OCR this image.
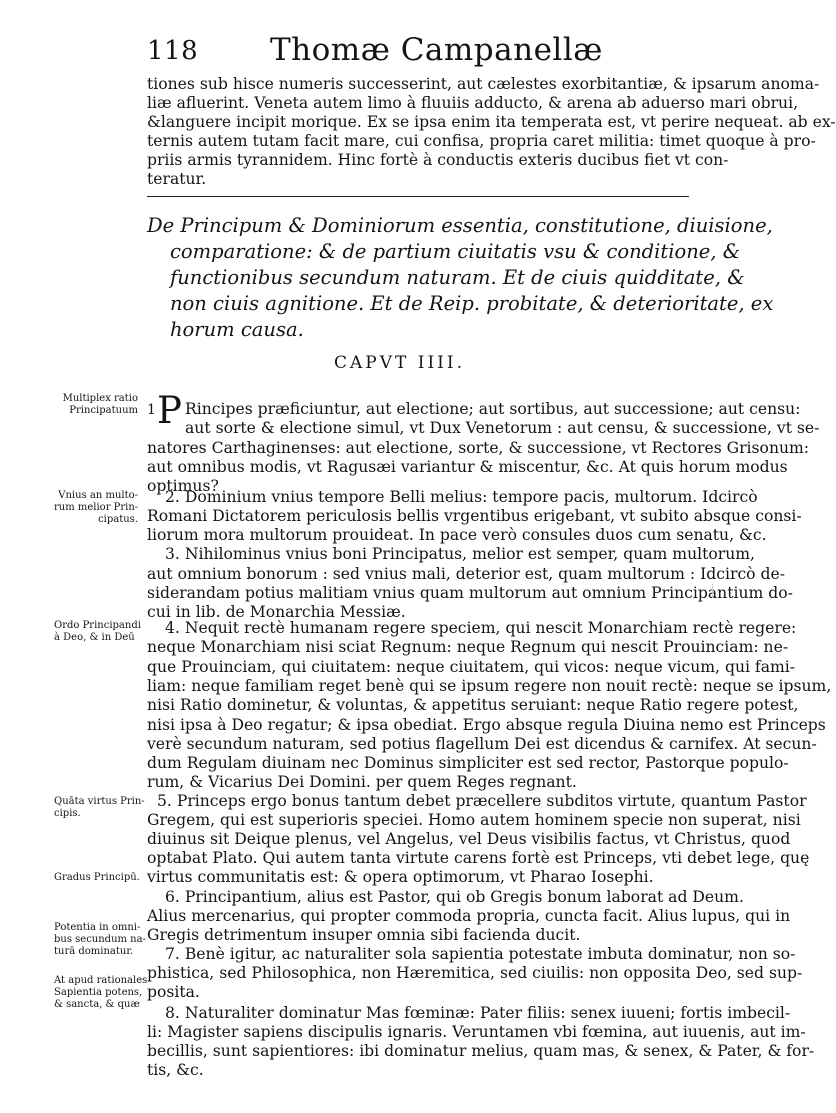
118 Thomæ Campanellæ
tiones sub hisce numeris successerint, aut cælestes exorbitantiæ, & ipsarum anoma-
liæ afluerint. Veneta autem limo à fluuiis adducto, & arena ab aduerso mari obrui,
&languere incipit morique. Ex se ipsa enim ita temperata est, vt perire nequeat. ab ex-
ternis autem tutam facit mare, cui confisa, propria caret militia: timet quoque à pro-
priis armis tyrannidem. Hinc fortè à conductis exteris ducibus fiet vt con-
teratur.
De Principum & Dominiorum essentia, constitutione, diuisione,
comparatione: & de partium ciuitatis vsu & conditione, &
functionibus secundum naturam. Et de ciuis quidditate, &
non ciuis agnitione. Et de Reip. probitate, & deterioritate, ex
horum causa.
CAPVT IIII.
Multiplex ratio
Principatuum
Vnius an multo-
rum melior Prin-
cipatus.
Ordo Principandi
à Deo, & in Deū
Quāta virtus Prin-
cipis.
Gradus Principū.
Potentia in omni-
bus secundum na-
turā dominatur.
At apud rationales
Sapientia potens,
& sancta, & quæ
1 P Rincipes præficiuntur, aut electione; aut sortibus, aut successione; aut censu:
aut sorte & electione simul, vt Dux Venetorum : aut censu, & successione, vt se-
natores Carthaginenses: aut electione, sorte, & successione, vt Rectores Grisonum:
aut omnibus modis, vt Ragusæi variantur & miscentur, &c. At quis horum modus
optimus?
2. Dominium vnius tempore Belli melius: tempore pacis, multorum. Idcircò
Romani Dictatorem periculosis bellis vrgentibus erigebant, vt subito absque consi-
liorum mora multorum prouideat. In pace verò consules duos cum senatu, &c.
3. Nihilominus vnius boni Principatus, melior est semper, quam multorum,
aut omnium bonorum : sed vnius mali, deterior est, quam multorum : Idcircò de-
siderandam potius malitiam vnius quam multorum aut omnium Principantium do-
cui in lib. de Monarchia Messiæ.
4. Nequit rectè humanam regere speciem, qui nescit Monarchiam rectè regere:
neque Monarchiam nisi sciat Regnum: neque Regnum qui nescit Prouinciam: ne-
que Prouinciam, qui ciuitatem: neque ciuitatem, qui vicos: neque vicum, qui fami-
liam: neque familiam reget benè qui se ipsum regere non nouit rectè: neque se ipsum,
nisi Ratio dominetur, & voluntas, & appetitus seruiant: neque Ratio regere potest,
nisi ipsa à Deo regatur; & ipsa obediat. Ergo absque regula Diuina nemo est Princeps
verè secundum naturam, sed potius flagellum Dei est dicendus & carnifex. At secun-
dum Regulam diuinam nec Dominus simpliciter est sed rector, Pastorque populo-
rum, & Vicarius Dei Domini. per quem Reges regnant.
5. Princeps ergo bonus tantum debet præcellere subditos virtute, quantum Pastor
Gregem, qui est superioris speciei. Homo autem hominem specie non superat, nisi
diuinus sit Deique plenus, vel Angelus, vel Deus visibilis factus, vt Christus, quod
optabat Plato. Qui autem tanta virtute carens fortè est Princeps, vti debet lege, quę
virtus communitatis est: & opera optimorum, vt Pharao Iosephi.
6. Principantium, alius est Pastor, qui ob Gregis bonum laborat ad Deum.
Alius mercenarius, qui propter commoda propria, cuncta facit. Alius lupus, qui in
Gregis detrimentum insuper omnia sibi facienda ducit.
7. Benè igitur, ac naturaliter sola sapientia potestate imbuta dominatur, non so-
phistica, sed Philosophica, non Hæremitica, sed ciuilis: non opposita Deo, sed sup-
posita.
8. Naturaliter dominatur Mas fœminæ: Pater filiis: senex iuueni; fortis imbecil-
li: Magister sapiens discipulis ignaris. Veruntamen vbi fœmina, aut iuuenis, aut im-
becillis, sunt sapientiores: ibi dominatur melius, quam mas, & senex, & Pater, & for-
tis, &c.
